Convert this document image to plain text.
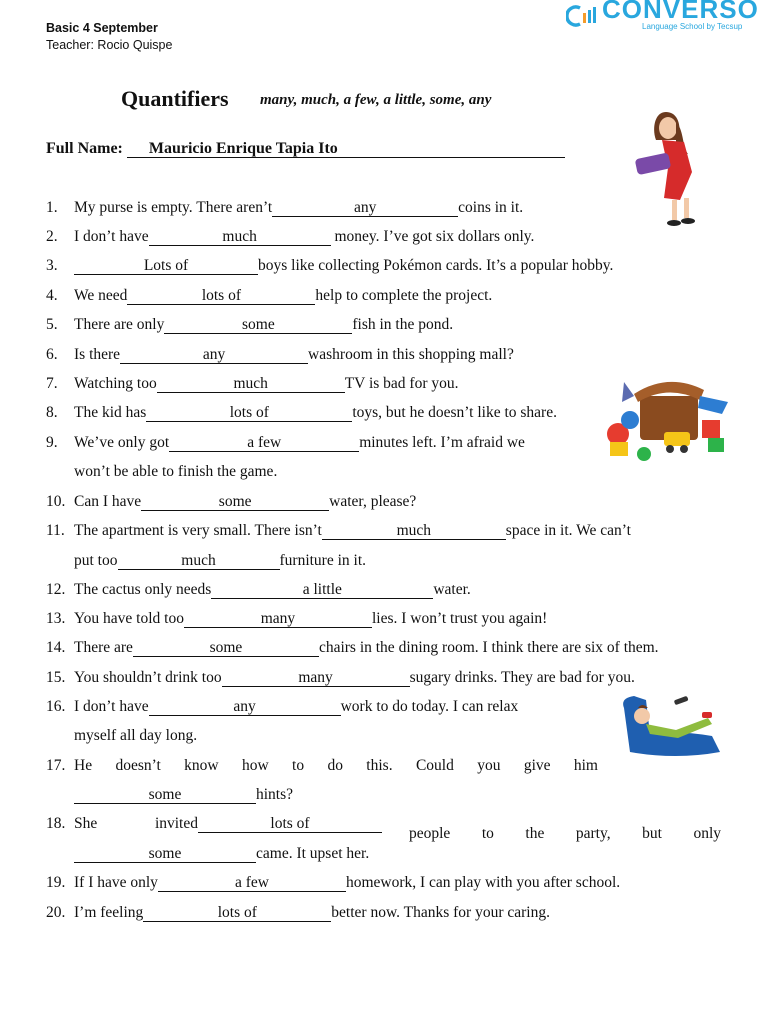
Basic 4 September
Teacher: Rocio Quispe
CONVERSO
Language School by Tecsup
Quantifiers many, much, a few, a little, some, any
Full Name: Mauricio Enrique Tapia Ito
1. My purse is empty. There aren’t	any	coins in it.
2. I don’t have	much	money. I’ve got six dollars only.
3.	Lots of	boys like collecting Pokémon cards. It’s a popular hobby.
4. We need	lots of	help to complete the project.
5. There are only	some	fish in the pond.
6. Is there	any	washroom in this shopping mall?
7. Watching too	much	TV is bad for you.
8. The kid has	lots of	toys, but he doesn’t like to share.
9. We’ve only got	a few	minutes left. I’m afraid we
won’t be able to finish the game.
10. Can I have	some	water, please?
11. The apartment is very small. There isn’t	much	space in it. We can’t
put too	much	furniture in it.
12. The cactus only needs	a little	water.
13. You have told too	many	lies. I won’t trust you again!
14. There are	some	chairs in the dining room. I think there are six of them.
15. You shouldn’t drink too	many	sugary drinks. They are bad for you.
16. I don’t have	any	work to do today. I can relax
myself all day long.
17. He doesn’t know how to do this. Could you give him
some	hints?
18. She invited	lots of
people to the party, but only
some	came. It upset her.
19. If I have only	a few	homework, I can play with you after school.
20. I’m feeling	lots of	better now. Thanks for your caring.
